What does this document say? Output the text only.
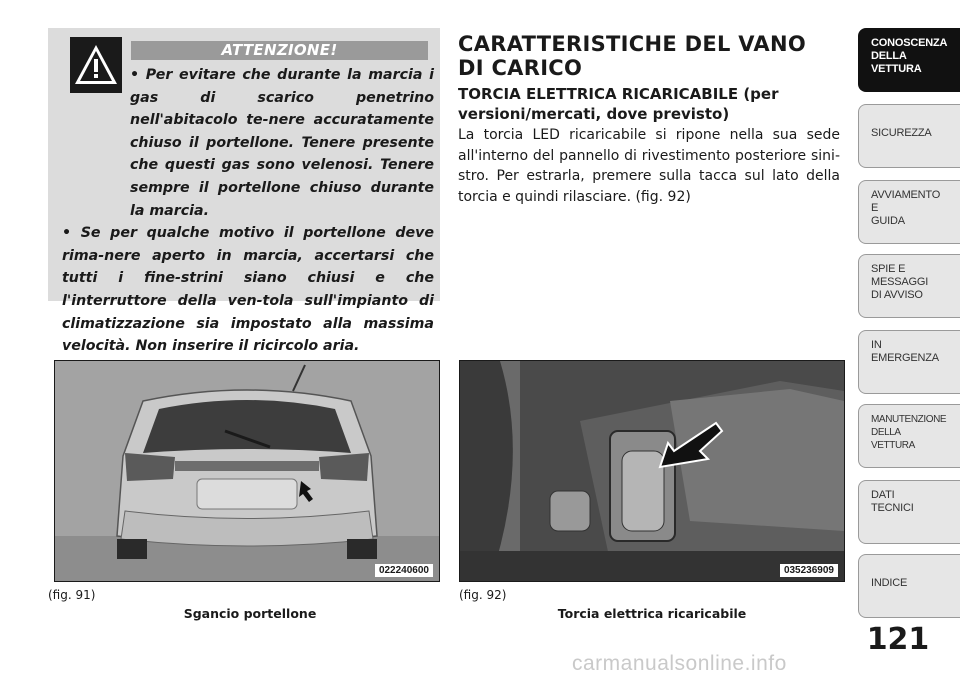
ATTENZIONE!

• Per evitare che durante la marcia i gas di scarico penetrino nell'abitacolo te-nere accuratamente chiuso il portellone. Tenere presente che questi gas sono velenosi. Tenere sempre il portellone chiuso durante la marcia.

• Se per qualche motivo il portellone deve rima-nere aperto in marcia, accertarsi che tutti i fine-strini siano chiusi e che l'interruttore della ven-tola sull'impianto di climatizzazione sia impostato alla massima velocità. Non inserire il ricircolo aria.

CARATTERISTICHE DEL VANO DI CARICO
TORCIA ELETTRICA RICARICABILE (per versioni/mercati, dove previsto)
La torcia LED ricaricabile si ripone nella sua sede all'interno del pannello di rivestimento posteriore sini-stro. Per estrarla, premere sulla tacca sul lato della torcia e quindi rilasciare. (fig. 92)
022240600
(fig. 91)
Sgancio portellone
035236909
(fig. 92)
Torcia elettrica ricaricabile
CONOSCENZA
DELLA
VETTURA
SICUREZZA
AVVIAMENTO
E
GUIDA
SPIE E
MESSAGGI
DI AVVISO
IN
EMERGENZA
MANUTENZIONE
DELLA
VETTURA
DATI
TECNICI
INDICE
121
carmanualsonline.info
